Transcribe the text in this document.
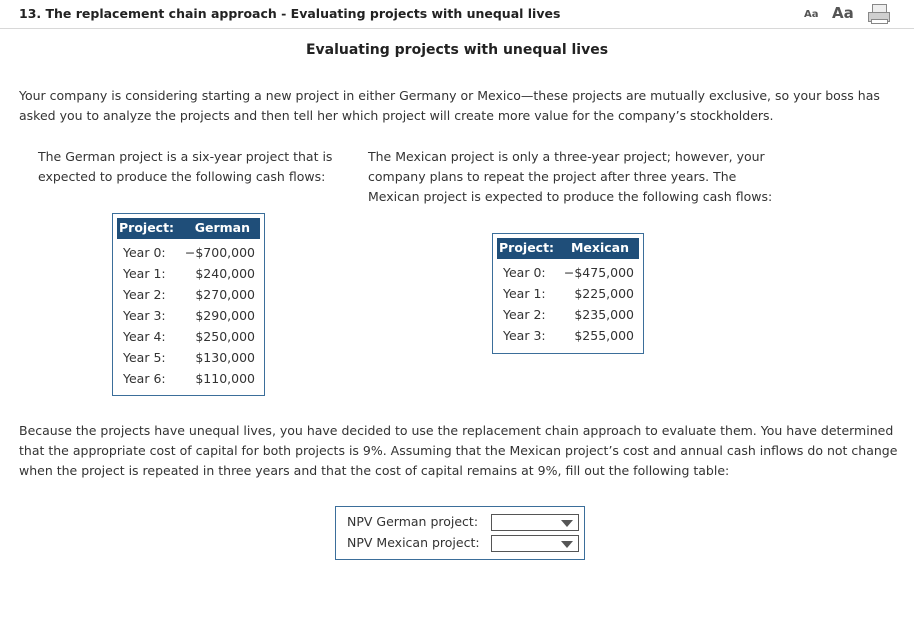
13. The replacement chain approach - Evaluating projects with unequal lives	Aa Aa
Evaluating projects with unequal lives
Your company is considering starting a new project in either Germany or Mexico—these projects are mutually exclusive, so your boss has asked you to analyze the projects and then tell her which project will create more value for the company’s stockholders.
The German project is a six-year project that is expected to produce the following cash flows:
The Mexican project is only a three-year project; however, your company plans to repeat the project after three years. The Mexican project is expected to produce the following cash flows:
Project: German
Year 0: −$700,000
Year 1: $240,000
Year 2: $270,000
Year 3: $290,000
Year 4: $250,000
Year 5: $130,000
Year 6: $110,000
Project: Mexican
Year 0: −$475,000
Year 1: $225,000
Year 2: $235,000
Year 3: $255,000
Because the projects have unequal lives, you have decided to use the replacement chain approach to evaluate them. You have determined that the appropriate cost of capital for both projects is 9%. Assuming that the Mexican project’s cost and annual cash inflows do not change when the project is repeated in three years and that the cost of capital remains at 9%, fill out the following table:
NPV German project:
NPV Mexican project:
